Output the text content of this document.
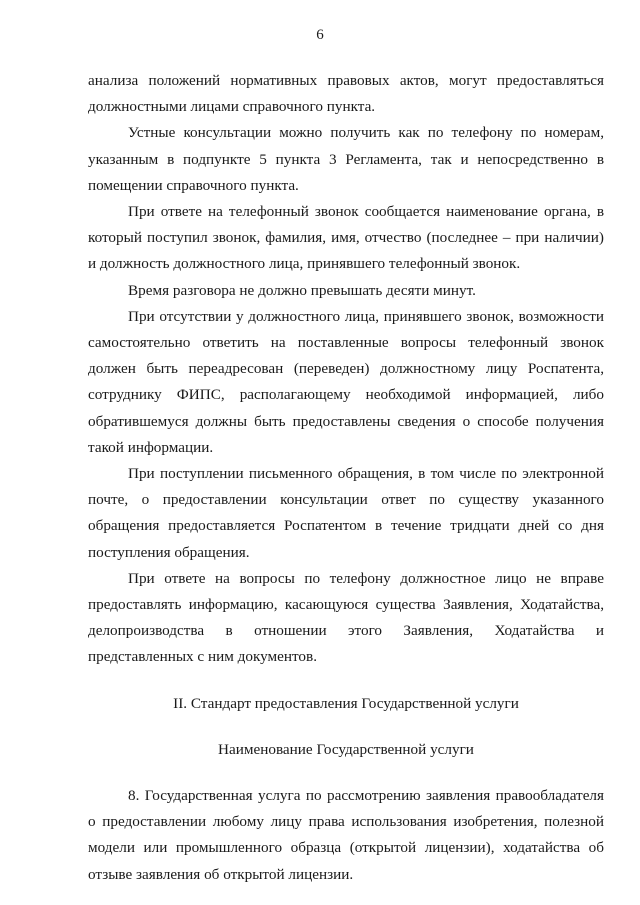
6

анализа положений нормативных правовых актов, могут предоставляться должностными лицами справочного пункта.

Устные консультации можно получить как по телефону по номерам, указанным в подпункте 5 пункта 3 Регламента, так и непосредственно в помещении справочного пункта.

При ответе на телефонный звонок сообщается наименование органа, в который поступил звонок, фамилия, имя, отчество (последнее – при наличии) и должность должностного лица, принявшего телефонный звонок.

Время разговора не должно превышать десяти минут.

При отсутствии у должностного лица, принявшего звонок, возможности самостоятельно ответить на поставленные вопросы телефонный звонок должен быть переадресован (переведен) должностному лицу Роспатента, сотруднику ФИПС, располагающему необходимой информацией, либо обратившемуся должны быть предоставлены сведения о способе получения такой информации.

При поступлении письменного обращения, в том числе по электронной почте, о предоставлении консультации ответ по существу указанного обращения предоставляется Роспатентом в течение тридцати дней со дня поступления обращения.

При ответе на вопросы по телефону должностное лицо не вправе предоставлять информацию, касающуюся существа Заявления, Ходатайства, делопроизводства в отношении этого Заявления, Ходатайства и представленных с ним документов.

II. Стандарт предоставления Государственной услуги

Наименование Государственной услуги

8. Государственная услуга по рассмотрению заявления правообладателя о предоставлении любому лицу права использования изобретения, полезной модели или промышленного образца (открытой лицензии), ходатайства об отзыве заявления об открытой лицензии.
